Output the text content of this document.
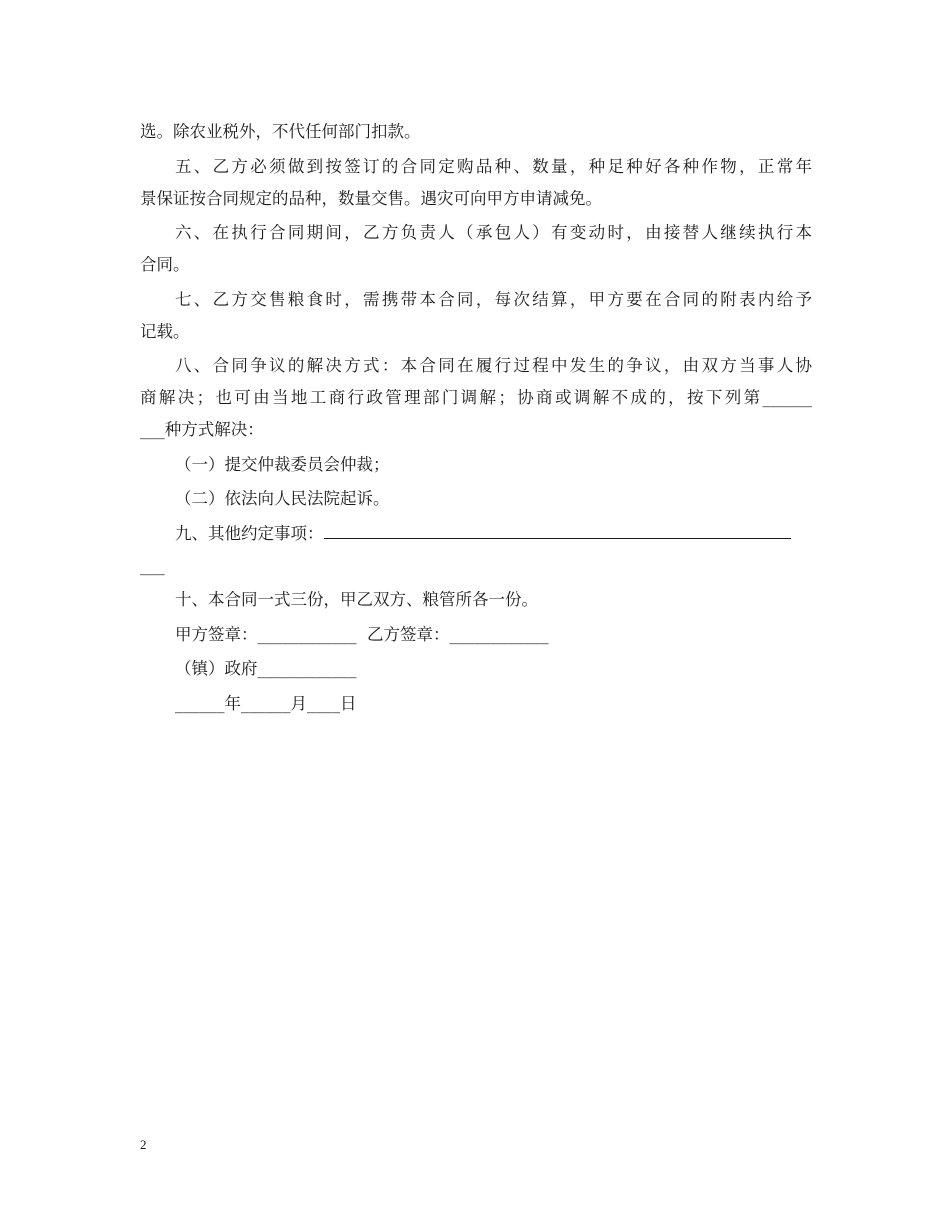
选。除农业税外，不代任何部门扣款。
五、乙方必须做到按签订的合同定购品种、数量，种足种好各种作物，正常年
景保证按合同规定的品种，数量交售。遇灾可向甲方申请减免。
六、在执行合同期间，乙方负责人（承包人）有变动时，由接替人继续执行本
合同。
七、乙方交售粮食时，需携带本合同，每次结算，甲方要在合同的附表内给予
记载。
八、合同争议的解决方式：本合同在履行过程中发生的争议，由双方当事人协
商解决；也可由当地工商行政管理部门调解；协商或调解不成的，按下列第______
___种方式解决：
（一）提交仲裁委员会仲裁；
（二）依法向人民法院起诉。
九、其他约定事项：
___
十、本合同一式三份，甲乙双方、粮管所各一份。
甲方签章：____________  乙方签章：____________
（镇）政府____________
______年______月____日
2
